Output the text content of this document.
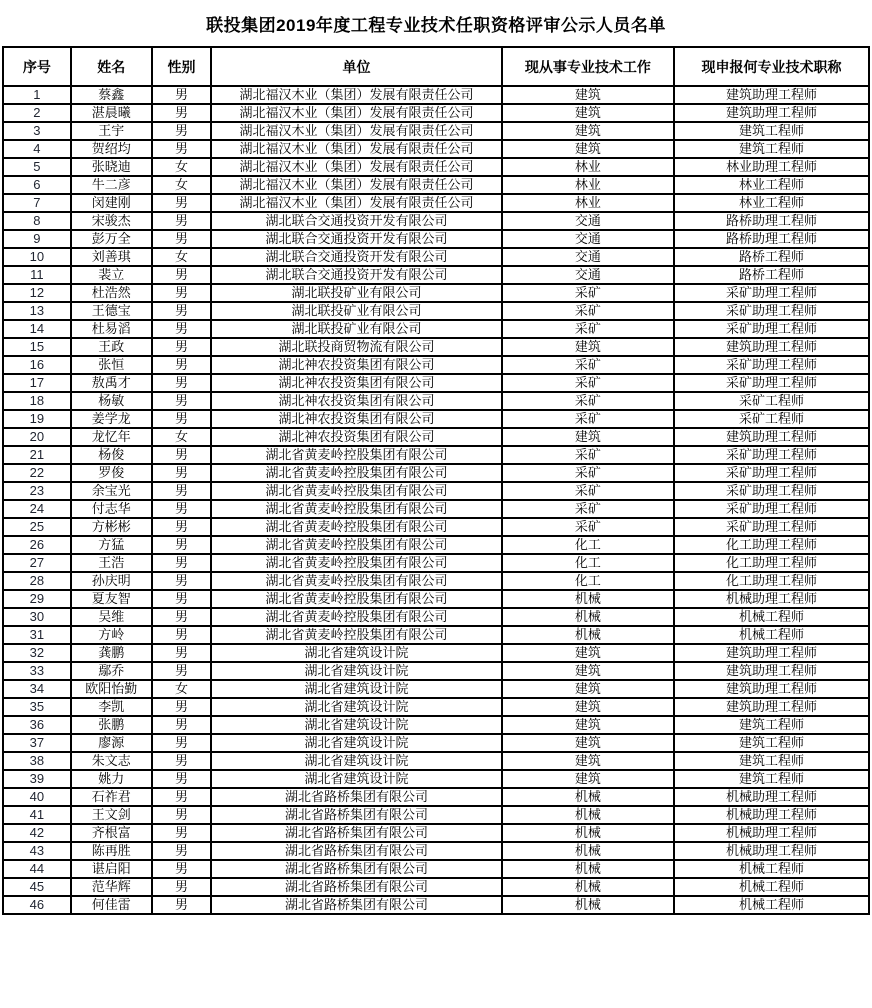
联投集团2019年度工程专业技术任职资格评审公示人员名单
序号	姓名	性别	单位	现从事专业技术工作	现申报何专业技术职称
1	蔡鑫	男	湖北福汉木业（集团）发展有限责任公司	建筑	建筑助理工程师
2	湛晨曦	男	湖北福汉木业（集团）发展有限责任公司	建筑	建筑助理工程师
3	王宇	男	湖北福汉木业（集团）发展有限责任公司	建筑	建筑工程师
4	贺绍均	男	湖北福汉木业（集团）发展有限责任公司	建筑	建筑工程师
5	张晓迪	女	湖北福汉木业（集团）发展有限责任公司	林业	林业助理工程师
6	牛二彦	女	湖北福汉木业（集团）发展有限责任公司	林业	林业工程师
7	闵建刚	男	湖北福汉木业（集团）发展有限责任公司	林业	林业工程师
8	宋骏杰	男	湖北联合交通投资开发有限公司	交通	路桥助理工程师
9	彭万全	男	湖北联合交通投资开发有限公司	交通	路桥助理工程师
10	刘善琪	女	湖北联合交通投资开发有限公司	交通	路桥工程师
11	裴立	男	湖北联合交通投资开发有限公司	交通	路桥工程师
12	杜浩然	男	湖北联投矿业有限公司	采矿	采矿助理工程师
13	王德宝	男	湖北联投矿业有限公司	采矿	采矿助理工程师
14	杜易滔	男	湖北联投矿业有限公司	采矿	采矿助理工程师
15	王政	男	湖北联投商贸物流有限公司	建筑	建筑助理工程师
16	张恒	男	湖北神农投资集团有限公司	采矿	采矿助理工程师
17	敖禹才	男	湖北神农投资集团有限公司	采矿	采矿助理工程师
18	杨敏	男	湖北神农投资集团有限公司	采矿	采矿工程师
19	姜学龙	男	湖北神农投资集团有限公司	采矿	采矿工程师
20	龙忆年	女	湖北神农投资集团有限公司	建筑	建筑助理工程师
21	杨俊	男	湖北省黄麦岭控股集团有限公司	采矿	采矿助理工程师
22	罗俊	男	湖北省黄麦岭控股集团有限公司	采矿	采矿助理工程师
23	余宝光	男	湖北省黄麦岭控股集团有限公司	采矿	采矿助理工程师
24	付志华	男	湖北省黄麦岭控股集团有限公司	采矿	采矿助理工程师
25	方彬彬	男	湖北省黄麦岭控股集团有限公司	采矿	采矿助理工程师
26	方猛	男	湖北省黄麦岭控股集团有限公司	化工	化工助理工程师
27	王浩	男	湖北省黄麦岭控股集团有限公司	化工	化工助理工程师
28	孙庆明	男	湖北省黄麦岭控股集团有限公司	化工	化工助理工程师
29	夏友智	男	湖北省黄麦岭控股集团有限公司	机械	机械助理工程师
30	吴维	男	湖北省黄麦岭控股集团有限公司	机械	机械工程师
31	方岭	男	湖北省黄麦岭控股集团有限公司	机械	机械工程师
32	龚鹏	男	湖北省建筑设计院	建筑	建筑助理工程师
33	鄢乔	男	湖北省建筑设计院	建筑	建筑助理工程师
34	欧阳怡勤	女	湖北省建筑设计院	建筑	建筑助理工程师
35	李凯	男	湖北省建筑设计院	建筑	建筑助理工程师
36	张鹏	男	湖北省建筑设计院	建筑	建筑工程师
37	廖源	男	湖北省建筑设计院	建筑	建筑工程师
38	朱文志	男	湖北省建筑设计院	建筑	建筑工程师
39	姚力	男	湖北省建筑设计院	建筑	建筑工程师
40	石祚君	男	湖北省路桥集团有限公司	机械	机械助理工程师
41	王文剑	男	湖北省路桥集团有限公司	机械	机械助理工程师
42	齐根富	男	湖北省路桥集团有限公司	机械	机械助理工程师
43	陈再胜	男	湖北省路桥集团有限公司	机械	机械助理工程师
44	谌启阳	男	湖北省路桥集团有限公司	机械	机械工程师
45	范华辉	男	湖北省路桥集团有限公司	机械	机械工程师
46	何佳雷	男	湖北省路桥集团有限公司	机械	机械工程师
